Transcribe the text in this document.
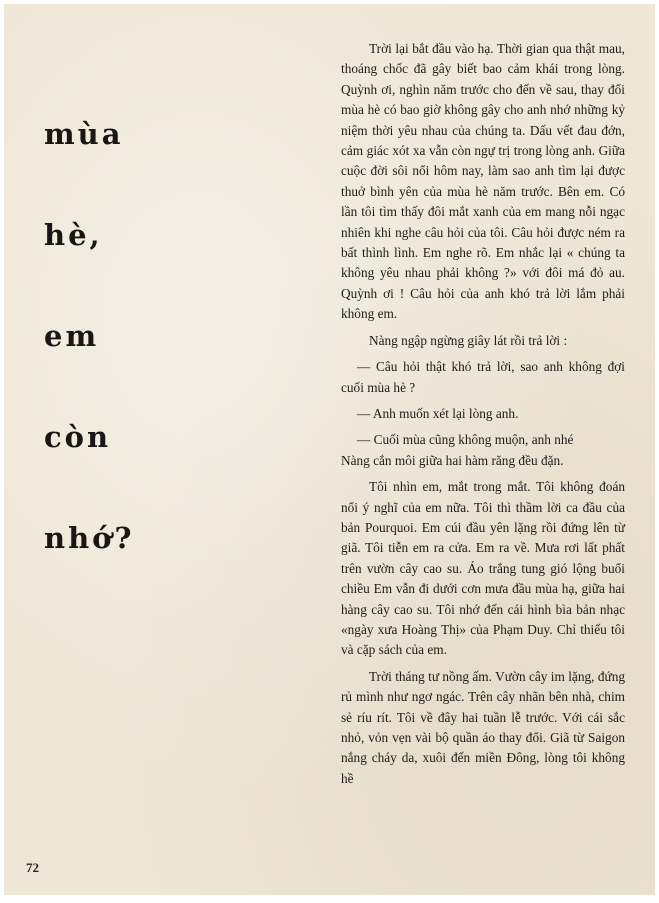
mùa
hè,
em
còn
nhớ?

Trời lại bắt đầu vào hạ. Thời gian qua thật mau, thoáng chốc đã gây biết bao cảm khái trong lòng. Quỳnh ơi, nghìn năm trước cho đến về sau, thay đổi mùa hè có bao giờ không gây cho anh nhớ những kỷ niệm thời yêu nhau của chúng ta. Dấu vết đau đớn, cảm giác xót xa vẫn còn ngự trị trong lòng anh. Giữa cuộc đời sôi nổi hôm nay, làm sao anh tìm lại được thuở bình yên của mùa hè năm trước. Bên em. Có lần tôi tìm thấy đôi mắt xanh của em mang nỗi ngạc nhiên khi nghe câu hỏi của tôi. Câu hỏi được ném ra bất thình lình. Em nghe rõ. Em nhắc lại « chúng ta không yêu nhau phải không ?» với đôi má đỏ au. Quỳnh ơi ! Câu hỏi của anh khó trả lời lắm phải không em.

Nàng ngập ngừng giây lát rồi trả lời :

— Câu hỏi thật khó trả lời, sao anh không đợi cuối mùa hè ?

— Anh muốn xét lại lòng anh.

— Cuối mùa cũng không muộn, anh nhé

Nàng cắn môi giữa hai hàm răng đều đặn.

Tôi nhìn em, mắt trong mắt. Tôi không đoán nổi ý nghĩ của em nữa. Tôi thì thầm lời ca đầu của bản Pourquoi. Em cúi đầu yên lặng rồi đứng lên từ giã. Tôi tiễn em ra cửa. Em ra về. Mưa rơi lất phất trên vườn cây cao su. Áo trắng tung gió lộng buổi chiều Em vẫn đi dưới cơn mưa đầu mùa hạ, giữa hai hàng cây cao su. Tôi nhớ đến cái hình bìa bản nhạc «ngày xưa Hoàng Thị» của Phạm Duy. Chỉ thiếu tôi và cặp sách của em.

Trời tháng tư nồng ấm. Vườn cây im lặng, đứng rủ mình như ngơ ngác. Trên cây nhãn bên nhà, chim sẻ ríu rít. Tôi về đây hai tuần lễ trước. Với cái sắc nhỏ, vỏn vẹn vài bộ quần áo thay đổi. Giã từ Saigon nắng cháy da, xuôi đến miền Đông, lòng tôi không hề

72
